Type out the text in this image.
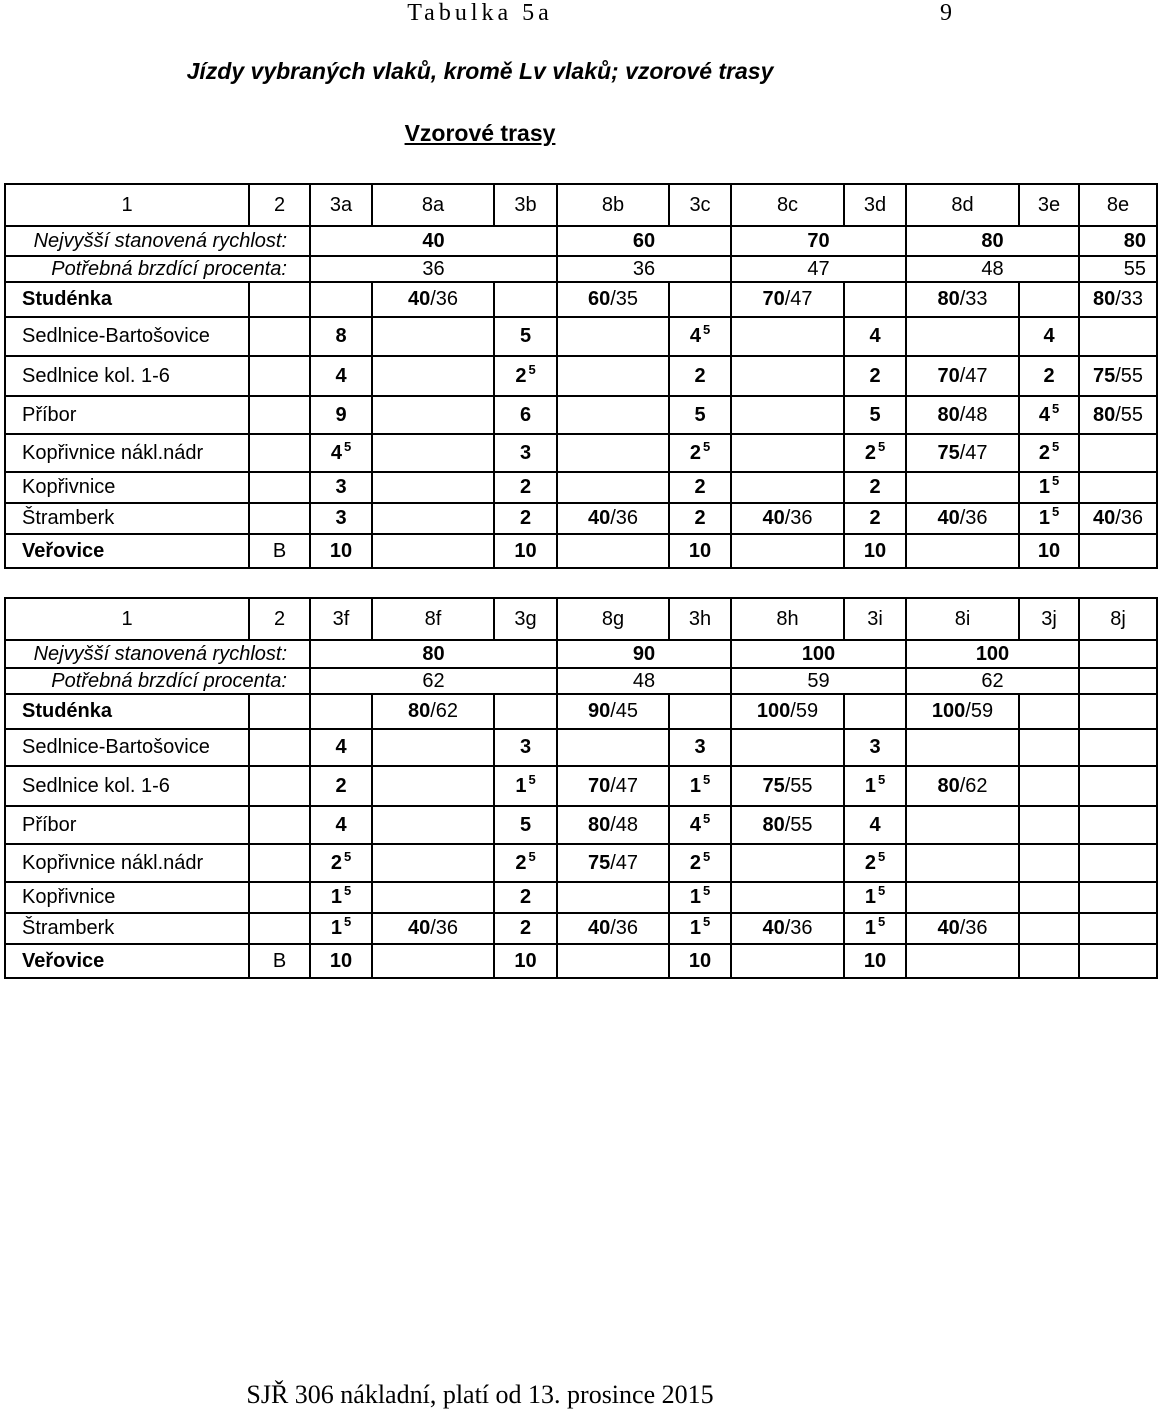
Tabulka 5a	9
Jízdy vybraných vlaků, kromě Lv vlaků; vzorové trasy
Vzorové trasy
1	2	3a	8a	3b	8b	3c	8c	3d	8d	3e	8e
Nejvyšší stanovená rychlost:		40			60		70		80		80
Potřebná brzdící procenta:		36			36		47		48		55
Studénka			40/36		60/35		70/47		80/33		80/33
Sedlnice-Bartošovice		8		5		4 $^5$		4		4	
Sedlnice kol. 1-6		4		2 $^5$		2		2	70/47	2	75/55
Příbor		9		6		5		5	80/48	4 $^5$	80/55
Kopřivnice nákl.nádr		4 $^5$		3		2 $^5$		2 $^5$	75/47	2 $^5$	
Kopřivnice		3		2		2		2		1 $^5$	
Štramberk		3		2	40/36	2	40/36	2	40/36	1 $^5$	40/36
Veřovice	B	10		10		10		10		10	
1	2	3f	8f	3g	8g	3h	8h	3i	8i	3j	8j
Nejvyšší stanovená rychlost:		80			90		100		100		
Potřebná brzdící procenta:		62			48		59		62		
Studénka			80/62		90/45		100/59		100/59		
Sedlnice-Bartošovice		4		3		3		3			
Sedlnice kol. 1-6		2		1 $^5$	70/47	1 $^5$	75/55	1 $^5$	80/62		
Příbor		4		5	80/48	4 $^5$	80/55	4			
Kopřivnice nákl.nádr		2 $^5$		2 $^5$	75/47	2 $^5$		2 $^5$			
Kopřivnice		1 $^5$		2		1 $^5$		1 $^5$			
Štramberk		1 $^5$	40/36	2	40/36	1 $^5$	40/36	1 $^5$	40/36		
Veřovice	B	10		10		10		10			
SJŘ 306 nákladní, platí od 13. prosince 2015
